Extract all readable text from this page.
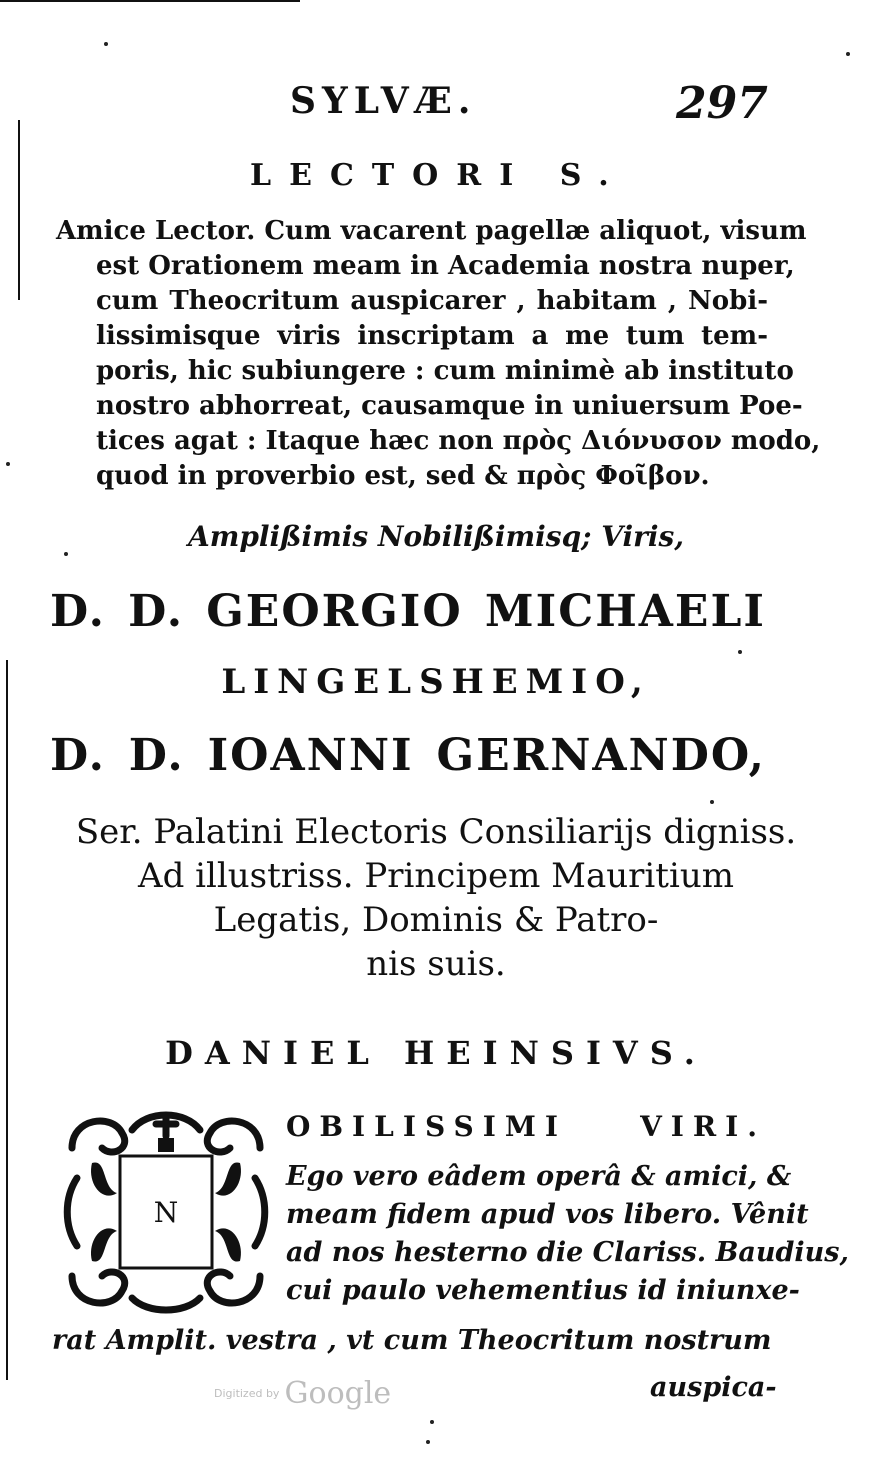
SYLVÆ.	297
LECTORI S.
Amice Lector. Cum vacarent pagellæ aliquot, visum
est Orationem meam in Academia nostra nuper,
cum Theocritum auspicarer , habitam , Nobi-
lissimisque viris inscriptam a me tum tem-
poris, hic subiungere : cum minimè ab instituto
nostro abhorreat, causamque in uniuersum Poe-
tices agat : Itaque hæc non πρὸς Διόνυσον modo,
quod in proverbio est, sed & πρὸς Φοῖβον.
Amplißimis Nobilißimisq; Viris,
D. D. GEORGIO MICHAELI
LINGELSHEMIO,
D. D. IOANNI GERNANDO,
Ser. Palatini Electoris Consiliarijs digniss.
Ad illustriss. Principem Mauritium
Legatis, Dominis & Patro-
nis suis.
DANIEL HEINSIVS.
N
OBILISSIMI VIRI.
Ego vero eâdem operâ & amici, &
meam fidem apud vos libero. Vênit
ad nos hesterno die Clariss. Baudius,
cui paulo vehementius id iniunxe-
rat Amplit. vestra , vt cum Theocritum nostrum
auspica-
Digitized by Google
